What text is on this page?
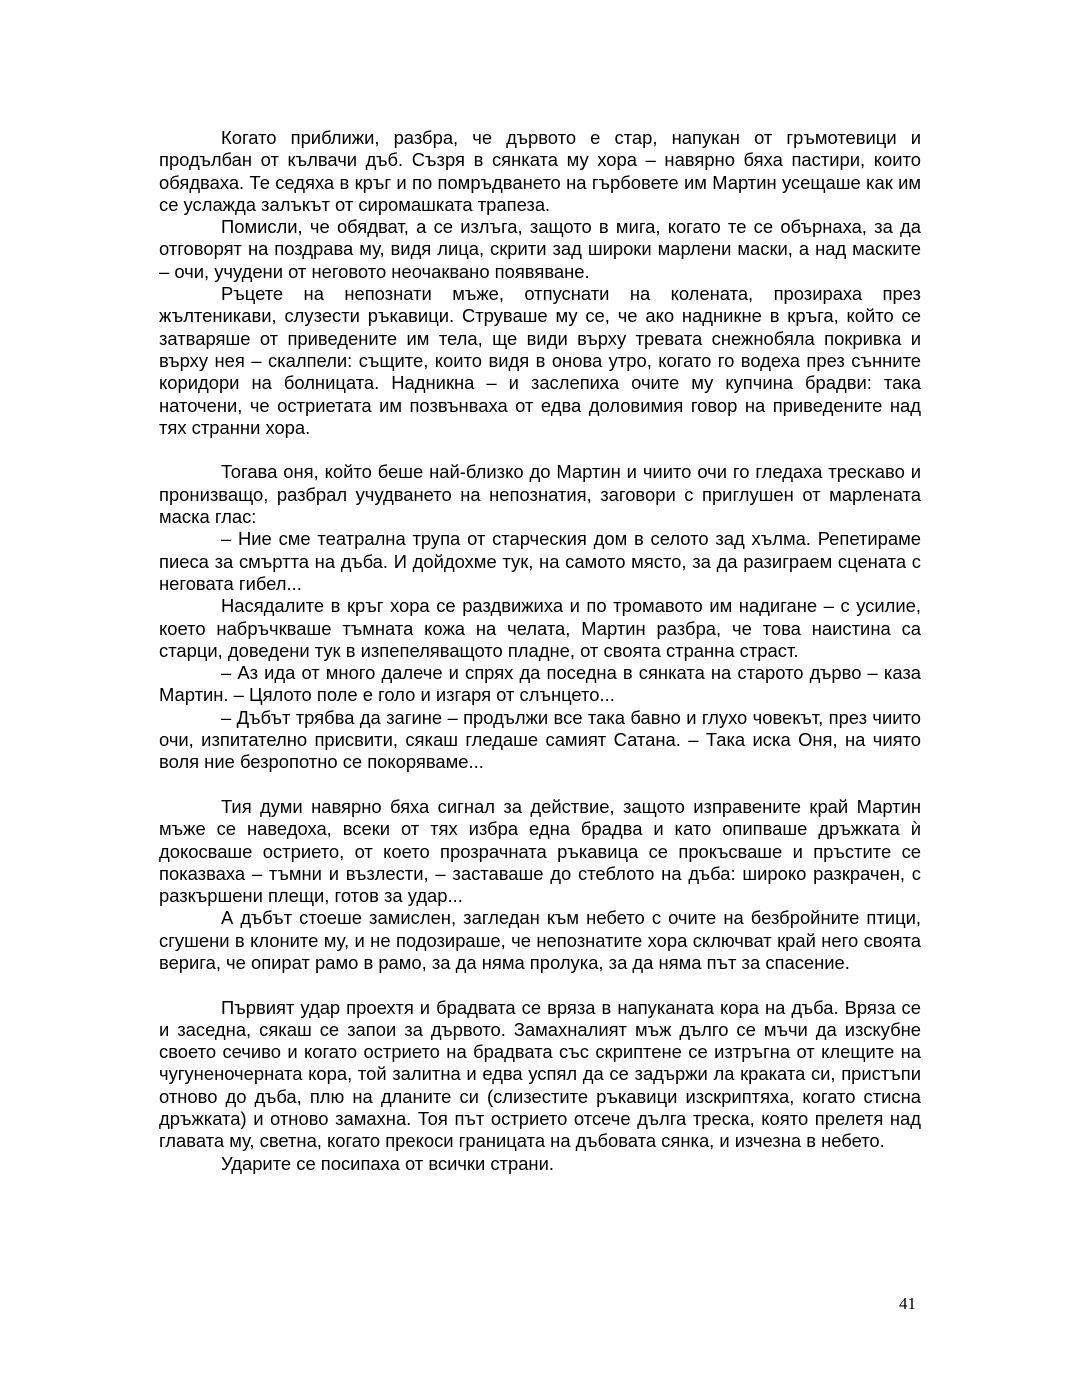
Когато приближи, разбра, че дървото е стар, напукан от гръмотевици и продълбан от кълвачи дъб. Съзря в сянката му хора – навярно бяха пастири, които обядваха. Те седяха в кръг и по помръдването на гърбовете им Мартин усещаше как им се услажда залъкът от сиромашката трапеза.

Помисли, че обядват, а се излъга, защото в мига, когато те се обърнаха, за да отговорят на поздрава му, видя лица, скрити зад широки марлени маски, а над маските – очи, учудени от неговото неочаквано появяване.

Ръцете на непознати мъже, отпуснати на колената, прозираха през жълтеникави, слузести ръкавици. Струваше му се, че ако надникне в кръга, който се затваряше от приведените им тела, ще види върху тревата снежнобяла покривка и върху нея – скалпели: същите, които видя в онова утро, когато го водеха през сънните коридори на болницата. Надникна – и заслепиха очите му купчина брадви: така наточени, че остриетата им позвънваха от едва доловимия говор на приведените над тях странни хора.

Тогава оня, който беше най-близко до Мартин и чиито очи го гледаха трескаво и пронизващо, разбрал учудването на непознатия, заговори с приглушен от марлената маска глас:

– Ние сме театрална трупа от старческия дом в селото зад хълма. Репетираме пиеса за смъртта на дъба. И дойдохме тук, на самото място, за да разиграем сцената с неговата гибел...

Насядалите в кръг хора се раздвижиха и по тромавото им надигане – с усилие, което набръчкваше тъмната кожа на челата, Мартин разбра, че това наистина са старци, доведени тук в изпепеляващото пладне, от своята странна страст.

– Аз ида от много далече и спрях да поседна в сянката на старото дърво – каза Мартин. – Цялото поле е голо и изгаря от слънцето...

– Дъбът трябва да загине – продължи все така бавно и глухо човекът, през чиито очи, изпитателно присвити, сякаш гледаше самият Сатана. – Така иска Оня, на чиято воля ние безропотно се покоряваме...

Тия думи навярно бяха сигнал за действие, защото изправените край Мартин мъже се наведоха, всеки от тях избра една брадва и като опипваше дръжката ѝ докосваше острието, от което прозрачната ръкавица се прокъсваше и пръстите се показваха – тъмни и възлести, – заставаше до стеблото на дъба: широко разкрачен, с разкършени плещи, готов за удар...

А дъбът стоеше замислен, загледан към небето с очите на безбройните птици, сгушени в клоните му, и не подозираше, че непознатите хора сключват край него своята верига, че опират рамо в рамо, за да няма пролука, за да няма път за спасение.

Първият удар проехтя и брадвата се вряза в напуканата кора на дъба. Вряза се и заседна, сякаш се запои за дървото. Замахналият мъж дълго се мъчи да изскубне своето сечиво и когато острието на брадвата със скриптене се изтръгна от клещите на чугуненочерната кора, той залитна и едва успял да се задържи ла краката си, пристъпи отново до дъба, плю на дланите си (слизестите ръкавици изскриптяха, когато стисна дръжката) и отново замахна. Тоя път острието отсече дълга треска, която прелетя над главата му, светна, когато прекоси границата на дъбовата сянка, и изчезна в небето.

Ударите се посипаха от всички страни.

41
